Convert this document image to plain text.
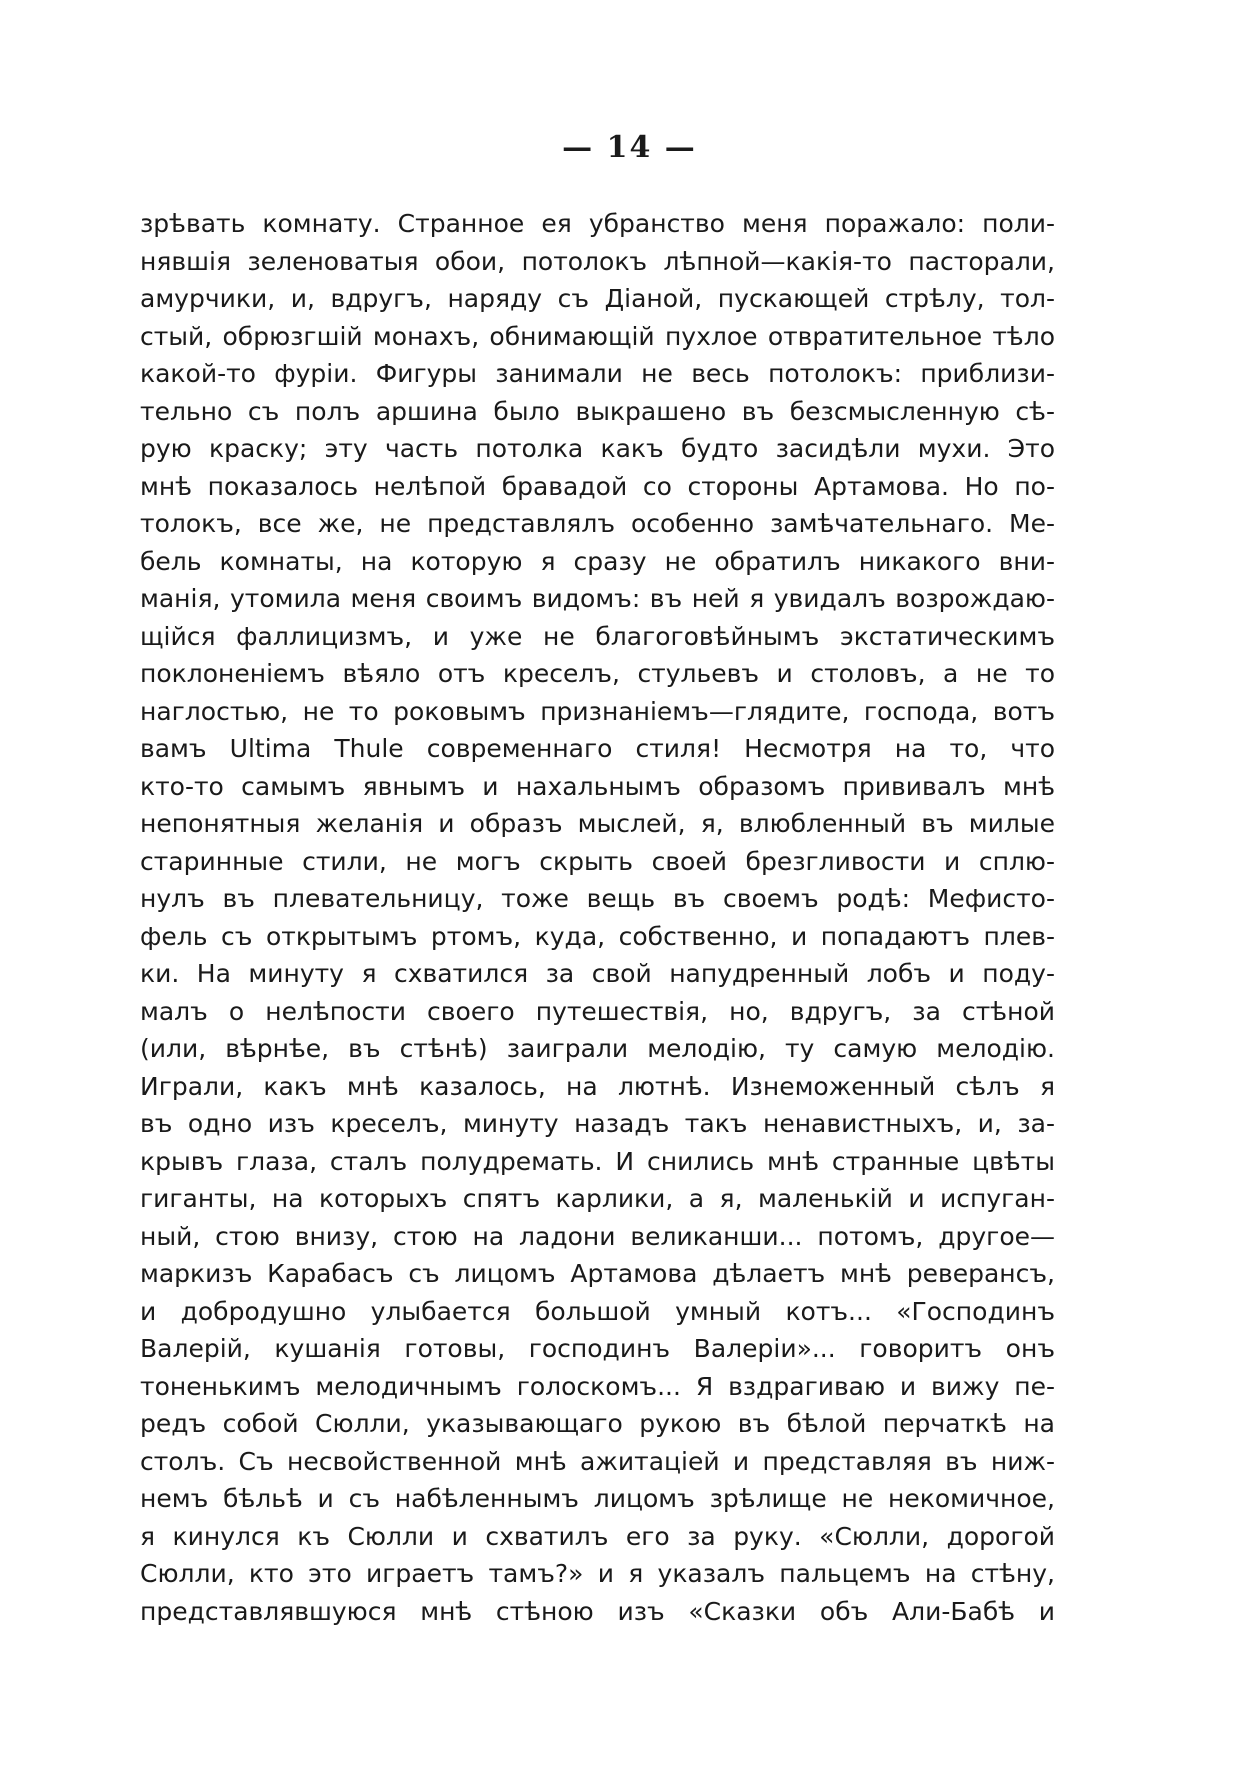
— 14 —
зрѣвать комнату. Странное ея убранство меня поражало: поли-
нявшія зеленоватыя обои, потолокъ лѣпной—какія-то пасторали,
амурчики, и, вдругъ, наряду съ Діаной, пускающей стрѣлу, тол-
стый, обрюзгшій монахъ, обнимающій пухлое отвратительное тѣло
какой-то фуріи. Фигуры занимали не весь потолокъ: приблизи-
тельно съ полъ аршина было выкрашено въ безсмысленную сѣ-
рую краску; эту часть потолка какъ будто засидѣли мухи. Это
мнѣ показалось нелѣпой бравадой со стороны Артамова. Но по-
толокъ, все же, не представлялъ особенно замѣчательнаго. Ме-
бель комнаты, на которую я сразу не обратилъ никакого вни-
манія, утомила меня своимъ видомъ: въ ней я увидалъ возрождаю-
щійся фаллицизмъ, и уже не благоговѣйнымъ экстатическимъ
поклоненіемъ вѣяло отъ креселъ, стульевъ и столовъ, а не то
наглостью, не то роковымъ признаніемъ—глядите, господа, вотъ
вамъ Ultima Thule современнаго стиля! Несмотря на то, что
кто-то самымъ явнымъ и нахальнымъ образомъ прививалъ мнѣ
непонятныя желанія и образъ мыслей, я, влюбленный въ милые
старинные стили, не могъ скрыть своей брезгливости и сплю-
нулъ въ плевательницу, тоже вещь въ своемъ родѣ: Мефисто-
фель съ открытымъ ртомъ, куда, собственно, и попадаютъ плев-
ки. На минуту я схватился за свой напудренный лобъ и поду-
малъ о нелѣпости своего путешествія, но, вдругъ, за стѣной
(или, вѣрнѣе, въ стѣнѣ) заиграли мелодію, ту самую мелодію.
Играли, какъ мнѣ казалось, на лютнѣ. Изнеможенный сѣлъ я
въ одно изъ креселъ, минуту назадъ такъ ненавистныхъ, и, за-
крывъ глаза, сталъ полудремать. И снились мнѣ странные цвѣты
гиганты, на которыхъ спятъ карлики, а я, маленькій и испуган-
ный, стою внизу, стою на ладони великанши... потомъ, другое—
маркизъ Карабасъ съ лицомъ Артамова дѣлаетъ мнѣ реверансъ,
и добродушно улыбается большой умный котъ... «Господинъ
Валерій, кушанія готовы, господинъ Валеріи»... говоритъ онъ
тоненькимъ мелодичнымъ голоскомъ... Я вздрагиваю и вижу пе-
редъ собой Сюлли, указывающаго рукою въ бѣлой перчаткѣ на
столъ. Съ несвойственной мнѣ ажитаціей и представляя въ ниж-
немъ бѣльѣ и съ набѣленнымъ лицомъ зрѣлище не некомичное,
я кинулся къ Сюлли и схватилъ его за руку. «Сюлли, дорогой
Сюлли, кто это играетъ тамъ?» и я указалъ пальцемъ на стѣну,
представлявшуюся мнѣ стѣною изъ «Сказки объ Али-Бабѣ и
